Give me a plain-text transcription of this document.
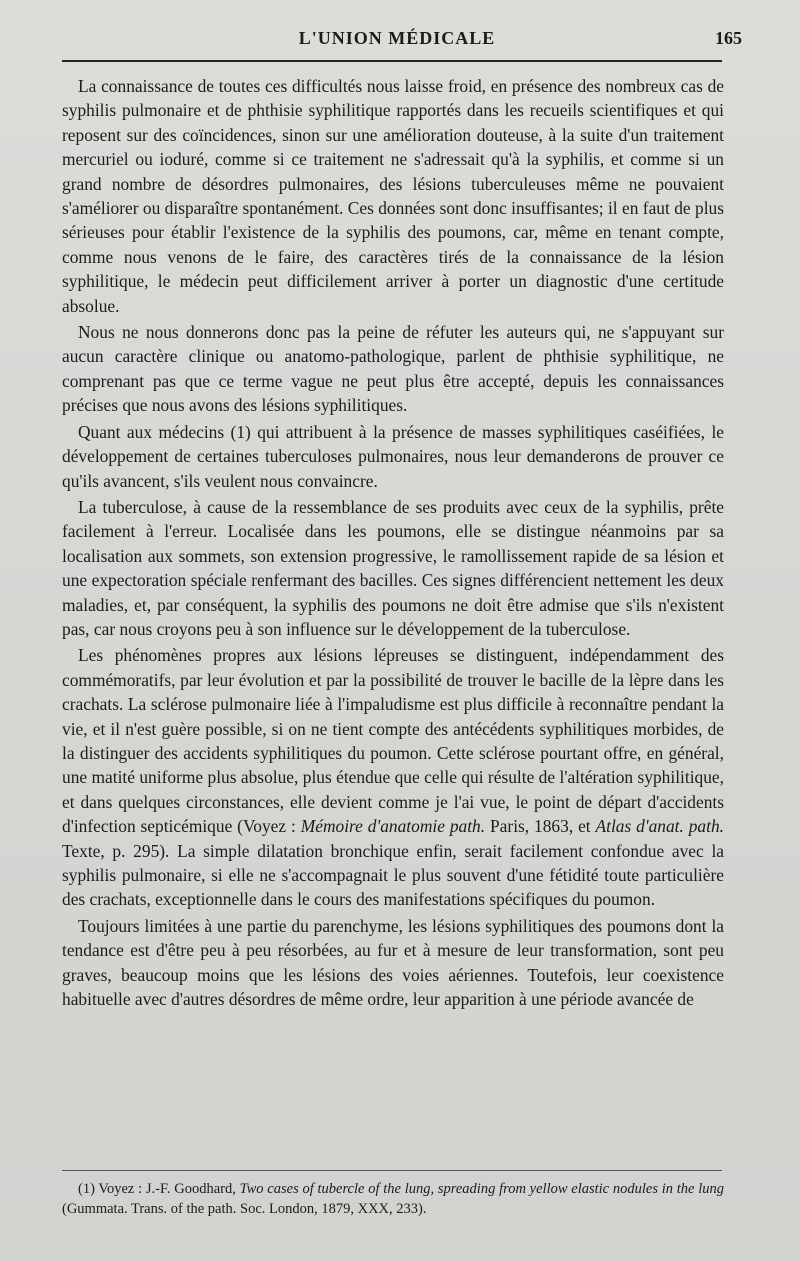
L'UNION MÉDICALE	165

La connaissance de toutes ces difficultés nous laisse froid, en présence des nombreux cas de syphilis pulmonaire et de phthisie syphilitique rapportés dans les recueils scientifiques et qui reposent sur des coïncidences, sinon sur une amélioration douteuse, à la suite d'un traitement mercuriel ou ioduré, comme si ce traitement ne s'adressait qu'à la syphilis, et comme si un grand nombre de désordres pulmonaires, des lésions tuberculeuses même ne pouvaient s'améliorer ou disparaître spontanément. Ces données sont donc insuffisantes; il en faut de plus sérieuses pour établir l'existence de la syphilis des poumons, car, même en tenant compte, comme nous venons de le faire, des caractères tirés de la connaissance de la lésion syphilitique, le médecin peut difficilement arriver à porter un diagnostic d'une certitude absolue.

Nous ne nous donnerons donc pas la peine de réfuter les auteurs qui, ne s'appuyant sur aucun caractère clinique ou anatomo-pathologique, parlent de phthisie syphilitique, ne comprenant pas que ce terme vague ne peut plus être accepté, depuis les connaissances précises que nous avons des lésions syphilitiques.

Quant aux médecins (1) qui attribuent à la présence de masses syphilitiques caséifiées, le développement de certaines tuberculoses pulmonaires, nous leur demanderons de prouver ce qu'ils avancent, s'ils veulent nous convaincre.

La tuberculose, à cause de la ressemblance de ses produits avec ceux de la syphilis, prête facilement à l'erreur. Localisée dans les poumons, elle se distingue néanmoins par sa localisation aux sommets, son extension progressive, le ramollissement rapide de sa lésion et une expectoration spéciale renfermant des bacilles. Ces signes différencient nettement les deux maladies, et, par conséquent, la syphilis des poumons ne doit être admise que s'ils n'existent pas, car nous croyons peu à son influence sur le développement de la tuberculose.

Les phénomènes propres aux lésions lépreuses se distinguent, indépendamment des commémoratifs, par leur évolution et par la possibilité de trouver le bacille de la lèpre dans les crachats. La sclérose pulmonaire liée à l'impaludisme est plus difficile à reconnaître pendant la vie, et il n'est guère possible, si on ne tient compte des antécédents syphilitiques morbides, de la distinguer des accidents syphilitiques du poumon. Cette sclérose pourtant offre, en général, une matité uniforme plus absolue, plus étendue que celle qui résulte de l'altération syphilitique, et dans quelques circonstances, elle devient comme je l'ai vue, le point de départ d'accidents d'infection septicémique (Voyez : Mémoire d'anatomie path. Paris, 1863, et Atlas d'anat. path. Texte, p. 295). La simple dilatation bronchique enfin, serait facilement confondue avec la syphilis pulmonaire, si elle ne s'accompagnait le plus souvent d'une fétidité toute particulière des crachats, exceptionnelle dans le cours des manifestations spécifiques du poumon.

Toujours limitées à une partie du parenchyme, les lésions syphilitiques des poumons dont la tendance est d'être peu à peu résorbées, au fur et à mesure de leur transformation, sont peu graves, beaucoup moins que les lésions des voies aériennes. Toutefois, leur coexistence habituelle avec d'autres désordres de même ordre, leur apparition à une période avancée de

(1) Voyez : J.-F. Goodhard, Two cases of tubercle of the lung, spreading from yellow elastic nodules in the lung (Gummata. Trans. of the path. Soc. London, 1879, XXX, 233).
